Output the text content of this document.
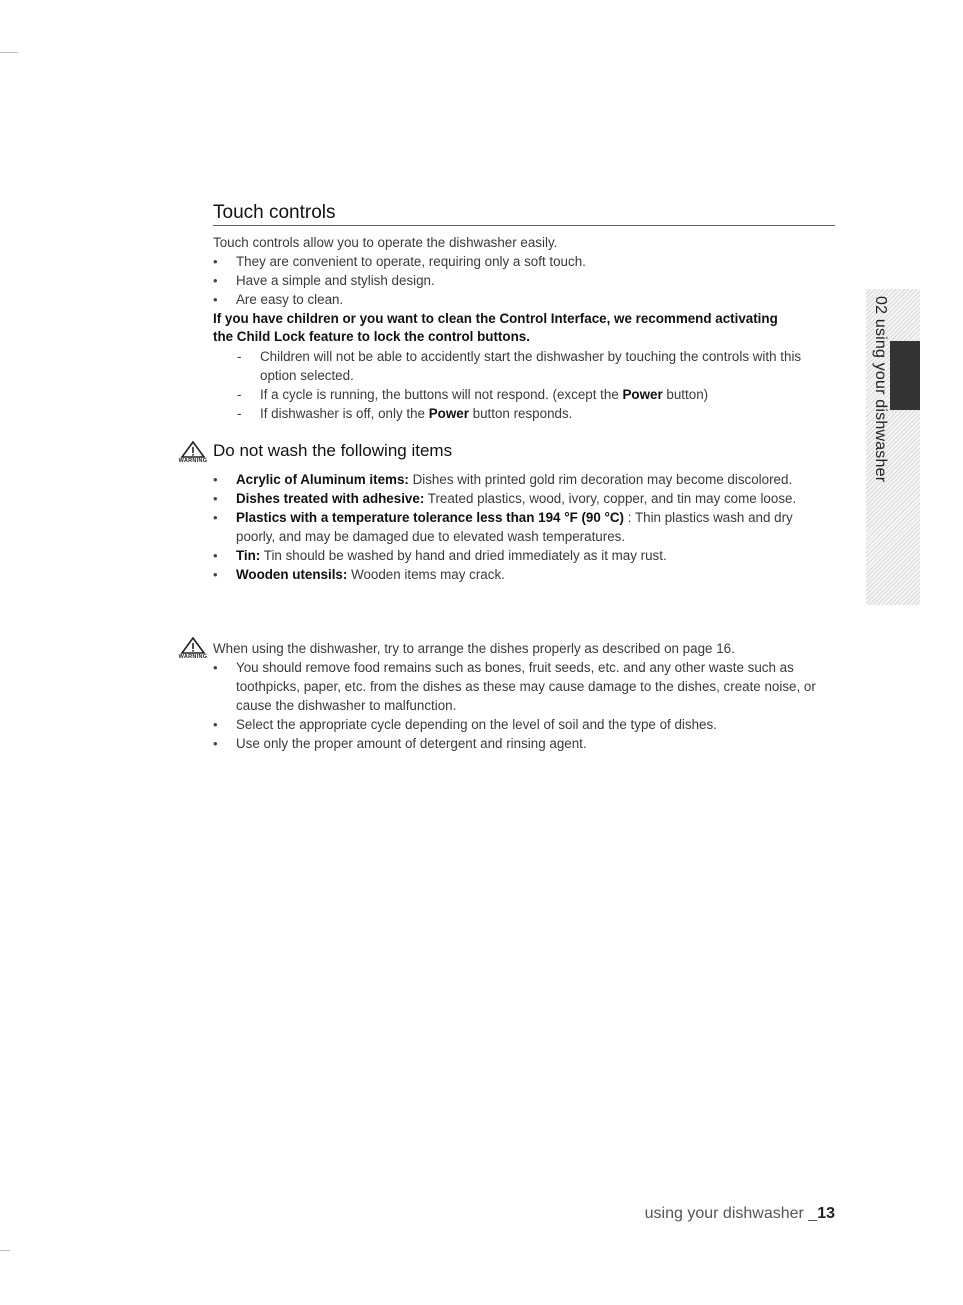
Touch controls
Touch controls allow you to operate the dishwasher easily.
• They are convenient to operate, requiring only a soft touch.
• Have a simple and stylish design.
• Are easy to clean.
If you have children or you want to clean the Control Interface, we recommend activating
the Child Lock feature to lock the control buttons.
- Children will not be able to accidently start the dishwasher by touching the controls with this option selected.
- If a cycle is running, the buttons will not respond. (except the Power button)
- If dishwasher is off, only the Power button responds.
WARNING
Do not wash the following items
• Acrylic of Aluminum items: Dishes with printed gold rim decoration may become discolored.
• Dishes treated with adhesive: Treated plastics, wood, ivory, copper, and tin may come loose.
• Plastics with a temperature tolerance less than 194 °F (90 °C) : Thin plastics wash and dry poorly, and may be damaged due to elevated wash temperatures.
• Tin: Tin should be washed by hand and dried immediately as it may rust.
• Wooden utensils: Wooden items may crack.
WARNING
When using the dishwasher, try to arrange the dishes properly as described on page 16.
• You should remove food remains such as bones, fruit seeds, etc. and any other waste such as toothpicks, paper, etc. from the dishes as these may cause damage to the dishes, create noise, or cause the dishwasher to malfunction.
• Select the appropriate cycle depending on the level of soil and the type of dishes.
• Use only the proper amount of detergent and rinsing agent.
02 using your dishwasher
using your dishwasher _13
